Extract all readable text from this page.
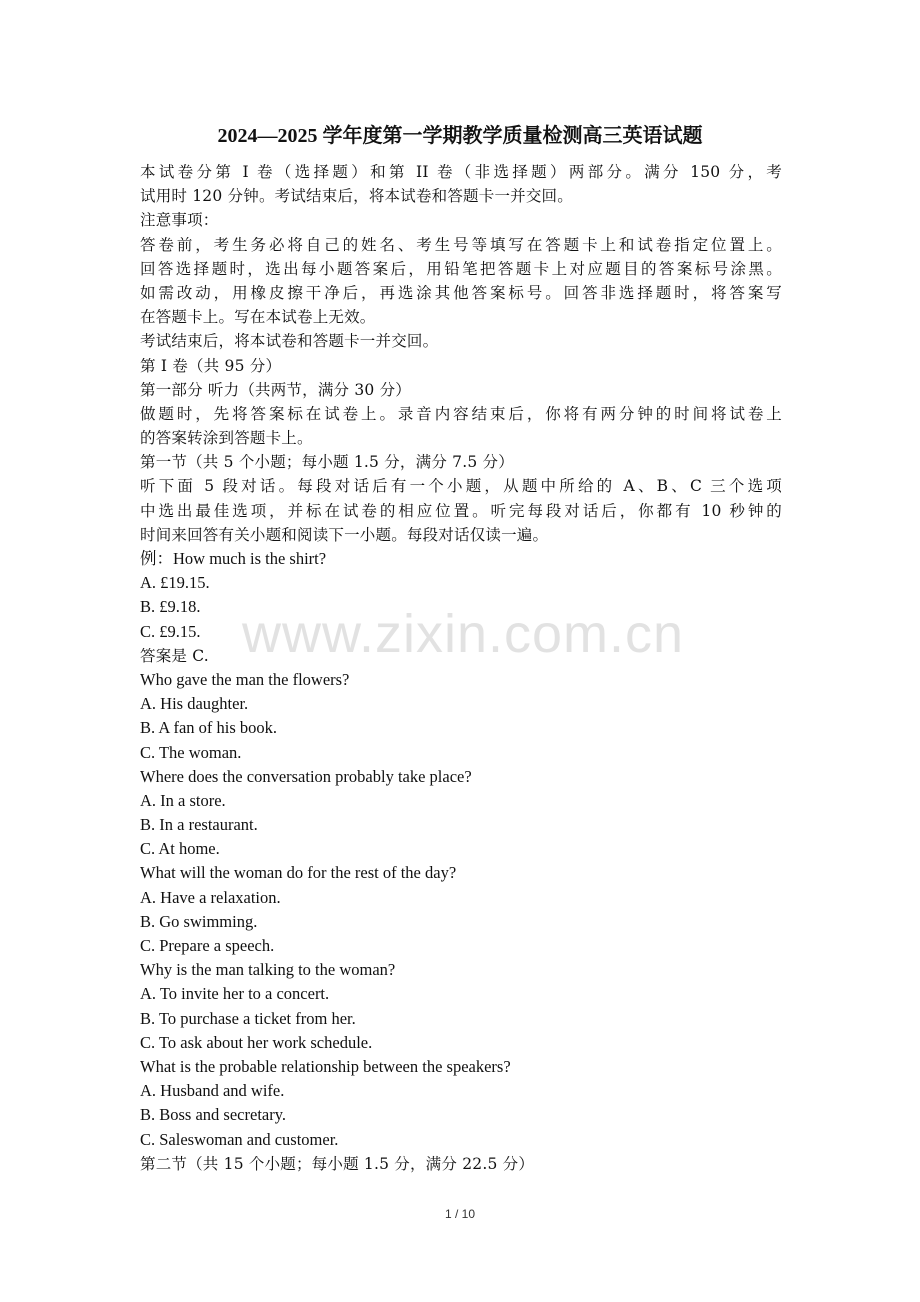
2024—2025 学年度第一学期教学质量检测高三英语试题
本试卷分第 I 卷（选择题）和第 II 卷（非选择题）两部分。满分 150 分，考
试用时 120 分钟。考试结束后，将本试卷和答题卡一并交回。
注意事项：
答卷前，考生务必将自己的姓名、考生号等填写在答题卡上和试卷指定位置上。
回答选择题时，选出每小题答案后，用铅笔把答题卡上对应题目的答案标号涂黑。
如需改动，用橡皮擦干净后，再选涂其他答案标号。回答非选择题时，将答案写
在答题卡上。写在本试卷上无效。
考试结束后，将本试卷和答题卡一并交回。
第 I 卷（共 95 分）
第一部分 听力（共两节，满分 30 分）
做题时，先将答案标在试卷上。录音内容结束后，你将有两分钟的时间将试卷上
的答案转涂到答题卡上。
第一节（共 5 个小题；每小题 1.5 分，满分 7.5 分）
听下面 5 段对话。每段对话后有一个小题，从题中所给的 A、B、C 三个选项
中选出最佳选项，并标在试卷的相应位置。听完每段对话后，你都有 10 秒钟的
时间来回答有关小题和阅读下一小题。每段对话仅读一遍。
例：How much is the shirt?
A. £19.15.
B. £9.18.
C. £9.15.
答案是 C.
Who gave the man the flowers?
A. His daughter.
B. A fan of his book.
C. The woman.
Where does the conversation probably take place?
A. In a store.
B. In a restaurant.
C. At home.
What will the woman do for the rest of the day?
A. Have a relaxation.
B. Go swimming.
C. Prepare a speech.
Why is the man talking to the woman?
A. To invite her to a concert.
B. To purchase a ticket from her.
C. To ask about her work schedule.
What is the probable relationship between the speakers?
A. Husband and wife.
B. Boss and secretary.
C. Saleswoman and customer.
第二节（共 15 个小题；每小题 1.5 分，满分 22.5 分）
www.zixin.com.cn
1 / 10
